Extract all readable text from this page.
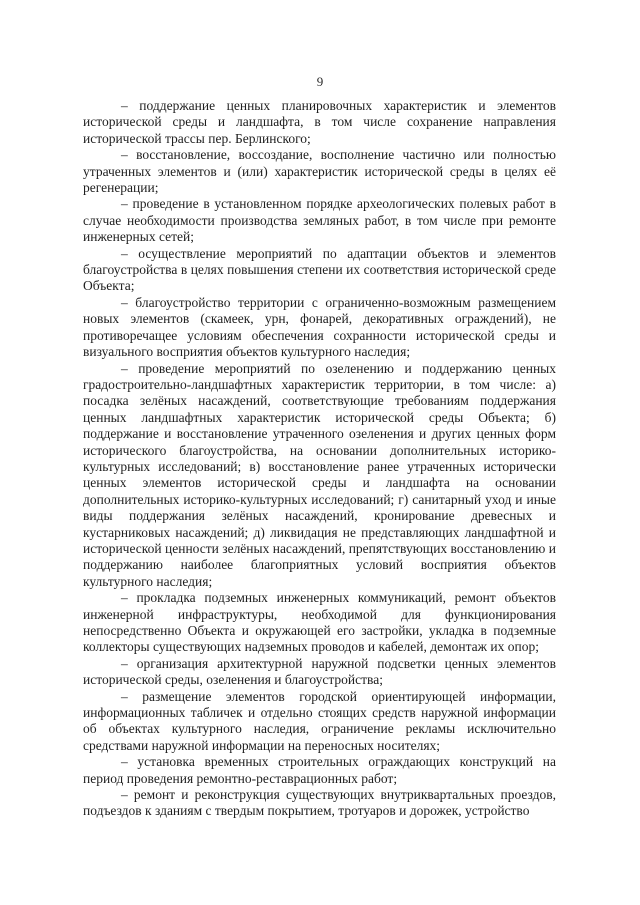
9

– поддержание ценных планировочных характеристик и элементов исторической среды и ландшафта, в том числе сохранение направления исторической трассы пер. Берлинского;

– восстановление, воссоздание, восполнение частично или полностью утраченных элементов и (или) характеристик исторической среды в целях её регенерации;

– проведение в установленном порядке археологических полевых работ в случае необходимости производства земляных работ, в том числе при ремонте инженерных сетей;

– осуществление мероприятий по адаптации объектов и элементов благоустройства в целях повышения степени их соответствия исторической среде Объекта;

– благоустройство территории с ограниченно-возможным размещением новых элементов (скамеек, урн, фонарей, декоративных ограждений), не противоречащее условиям обеспечения сохранности исторической среды и визуального восприятия объектов культурного наследия;

– проведение мероприятий по озеленению и поддержанию ценных градостроительно-ландшафтных характеристик территории, в том числе: а) посадка зелёных насаждений, соответствующие требованиям поддержания ценных ландшафтных характеристик исторической среды Объекта; б) поддержание и восстановление утраченного озеленения и других ценных форм исторического благоустройства, на основании дополнительных историко-культурных исследований; в) восстановление ранее утраченных исторически ценных элементов исторической среды и ландшафта на основании дополнительных историко-культурных исследований; г) санитарный уход и иные виды поддержания зелёных насаждений, кронирование древесных и кустарниковых насаждений; д) ликвидация не представляющих ландшафтной и исторической ценности зелёных насаждений, препятствующих восстановлению и поддержанию наиболее благоприятных условий восприятия объектов культурного наследия;

– прокладка подземных инженерных коммуникаций, ремонт объектов инженерной инфраструктуры, необходимой для функционирования непосредственно Объекта и окружающей его застройки, укладка в подземные коллекторы существующих надземных проводов и кабелей, демонтаж их опор;

– организация архитектурной наружной подсветки ценных элементов исторической среды, озеленения и благоустройства;

– размещение элементов городской ориентирующей информации, информационных табличек и отдельно стоящих средств наружной информации об объектах культурного наследия, ограничение рекламы исключительно средствами наружной информации на переносных носителях;

– установка временных строительных ограждающих конструкций на период проведения ремонтно-реставрационных работ;

– ремонт и реконструкция существующих внутриквартальных проездов, подъездов к зданиям с твердым покрытием, тротуаров и дорожек, устройство
